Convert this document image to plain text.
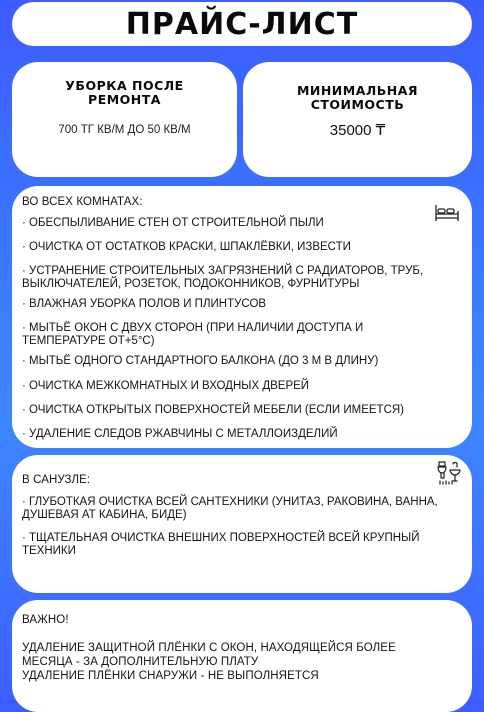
ПРАЙС-ЛИСТ
УБОРКА ПОСЛЕ
РЕМОНТА
700 ТГ КВ/М ДО 50 КВ/М
МИНИМАЛЬНАЯ
СТОИМОСТЬ
35000 ₸
ВО ВСЕХ КОМНАТАХ:
· ОБЕСПЫЛИВАНИЕ СТЕН ОТ СТРОИТЕЛЬНОЙ ПЫЛИ
· ОЧИСТКА ОТ ОСТАТКОВ КРАСКИ, ШПАКЛЁВКИ, ИЗВЕСТИ
· УСТРАНЕНИЕ СТРОИТЕЛЬНЫХ ЗАГРЯЗНЕНИЙ С РАДИАТОРОВ, ТРУБ,
ВЫКЛЮЧАТЕЛЕЙ, РОЗЕТОК, ПОДОКОННИКОВ, ФУРНИТУРЫ
· ВЛАЖНАЯ УБОРКА ПОЛОВ И ПЛИНТУСОВ
· МЫТЬЁ ОКОН С ДВУХ СТОРОН (ПРИ НАЛИЧИИ ДОСТУПА И
ТЕМПЕРАТУРЕ ОТ+5°С)
· МЫТЬЁ ОДНОГО СТАНДАРТНОГО БАЛКОНА (ДО 3 М В ДЛИНУ)
· ОЧИСТКА МЕЖКОМНАТНЫХ И ВХОДНЫХ ДВЕРЕЙ
· ОЧИСТКА ОТКРЫТЫХ ПОВЕРХНОСТЕЙ МЕБЕЛИ (ЕСЛИ ИМЕЕТСЯ)
· УДАЛЕНИЕ СЛЕДОВ РЖАВЧИНЫ С МЕТАЛЛОИЗДЕЛИЙ
В САНУЗЛЕ:
· ГЛУБОТКАЯ ОЧИСТКА ВСЕЙ САНТЕХНИКИ (УНИТАЗ, РАКОВИНА, ВАННА,
ДУШЕВАЯ АТ КАБИНА, БИДЕ)
· ТЩАТЕЛЬНАЯ ОЧИСТКА ВНЕШНИХ ПОВЕРХНОСТЕЙ ВСЕЙ КРУПНЫЙ
ТЕХНИКИ
ВАЖНО!
УДАЛЕНИЕ ЗАЩИТНОЙ ПЛЁНКИ С ОКОН, НАХОДЯЩЕЙСЯ БОЛЕЕ
МЕСЯЦА - ЗА ДОПОЛНИТЕЛЬНУЮ ПЛАТУ
УДАЛЕНИЕ ПЛЁНКИ СНАРУЖИ - НЕ ВЫПОЛНЯЕТСЯ
